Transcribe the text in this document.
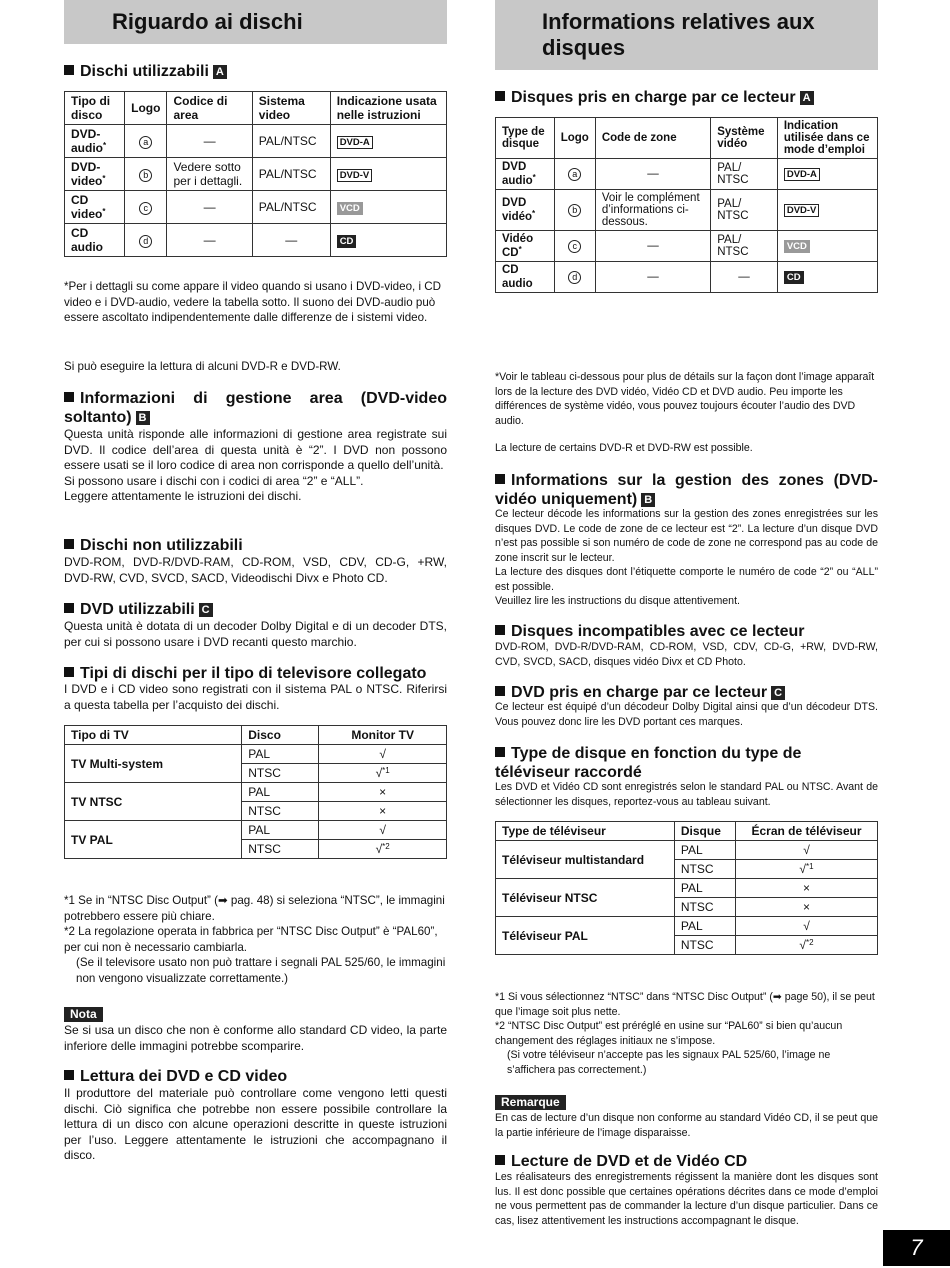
Riguardo ai dischi
Dischi utilizzabili A
Tipo di disco	Logo	Codice di area	Sistema video	Indicazione usata nelle istruzioni
DVD-audio*	a	—	PAL/NTSC	DVD-A
DVD-video*	b	Vedere sotto per i dettagli.	PAL/NTSC	DVD-V
CD video*	c	—	PAL/NTSC	VCD
CD audio	d	—	—	CD

*Per i dettagli su come appare il video quando si usano i DVD-video, i CD video e i DVD-audio, vedere la tabella sotto. Il suono dei DVD-audio può essere ascoltato indipendentemente dalle differenze de i sistemi video.

Si può eseguire la lettura di alcuni DVD-R e DVD-RW.

Informazioni di gestione area (DVD-video soltanto) B

Questa unità risponde alle informazioni di gestione area registrate sui DVD. Il codice dell’area di questa unità è “2”. I DVD non possono essere usati se il loro codice di area non corrisponde a quello dell’unità.

Si possono usare i dischi con i codici di area “2” e “ALL”.

Leggere attentamente le istruzioni dei dischi.

Dischi non utilizzabili

DVD-ROM, DVD-R/DVD-RAM, CD-ROM, VSD, CDV, CD-G, +RW, DVD-RW, CVD, SVCD, SACD, Videodischi Divx e Photo CD.

DVD utilizzabili C

Questa unità è dotata di un decoder Dolby Digital e di un decoder DTS, per cui si possono usare i DVD recanti questo marchio.

Tipi di dischi per il tipo di televisore collegato

I DVD e i CD video sono registrati con il sistema PAL o NTSC. Riferirsi a questa tabella per l’acquisto dei dischi.

Tipo di TV	Disco	Monitor TV
TV Multi-system	PAL	√
	NTSC	√$^{*1}$
TV NTSC	PAL	×
	NTSC	×
TV PAL	PAL	√
	NTSC	√$^{*2}$

*1 Se in “NTSC Disc Output” (➡ pag. 48) si seleziona “NTSC”, le immagini potrebbero essere più chiare.

*2 La regolazione operata in fabbrica per “NTSC Disc Output” è “PAL60”, per cui non è necessario cambiarla.

(Se il televisore usato non può trattare i segnali PAL 525/60, le immagini non vengono visualizzate correttamente.)

Nota

Se si usa un disco che non è conforme allo standard CD video, la parte inferiore delle immagini potrebbe scomparire.

Lettura dei DVD e CD video

Il produttore del materiale può controllare come vengono letti questi dischi. Ciò significa che potrebbe non essere possibile controllare la lettura di un disco con alcune operazioni descritte in queste istruzioni per l’uso. Leggere attentamente le istruzioni che accompagnano il disco.

Informations relatives aux disques
Disques pris en charge par ce lecteur A
Type de disque	Logo	Code de zone	Système vidéo	Indication utilisée dans ce mode d’emploi
DVD audio*	a	—	PAL/ NTSC	DVD-A
DVD vidéo*	b	Voir le complément d’informations ci-dessous.	PAL/ NTSC	DVD-V
Vidéo CD*	c	—	PAL/ NTSC	VCD
CD audio	d	—	—	CD

*Voir le tableau ci-dessous pour plus de détails sur la façon dont l’image apparaît lors de la lecture des DVD vidéo, Vidéo CD et DVD audio. Peu importe les différences de système vidéo, vous pouvez toujours écouter l’audio des DVD audio.

La lecture de certains DVD-R et DVD-RW est possible.

Informations sur la gestion des zones (DVD-vidéo uniquement) B

Ce lecteur décode les informations sur la gestion des zones enregistrées sur les disques DVD. Le code de zone de ce lecteur est “2”. La lecture d’un disque DVD n’est pas possible si son numéro de code de zone ne correspond pas au code de zone inscrit sur le lecteur.

La lecture des disques dont l’étiquette comporte le numéro de code “2” ou “ALL” est possible.

Veuillez lire les instructions du disque attentivement.

Disques incompatibles avec ce lecteur

DVD-ROM, DVD-R/DVD-RAM, CD-ROM, VSD, CDV, CD-G, +RW, DVD-RW, CVD, SVCD, SACD, disques vidéo Divx et CD Photo.

DVD pris en charge par ce lecteur C

Ce lecteur est équipé d’un décodeur Dolby Digital ainsi que d’un décodeur DTS. Vous pouvez donc lire les DVD portant ces marques.

Type de disque en fonction du type de téléviseur raccordé

Les DVD et Vidéo CD sont enregistrés selon le standard PAL ou NTSC. Avant de sélectionner les disques, reportez-vous au tableau suivant.

Type de téléviseur	Disque	Écran de téléviseur
Téléviseur multistandard	PAL	√
	NTSC	√$^{*1}$
Téléviseur NTSC	PAL	×
	NTSC	×
Téléviseur PAL	PAL	√
	NTSC	√$^{*2}$

*1 Si vous sélectionnez “NTSC” dans “NTSC Disc Output” (➡ page 50), il se peut que l’image soit plus nette.

*2 “NTSC Disc Output” est préréglé en usine sur “PAL60” si bien qu’aucun changement des réglages initiaux ne s’impose.

(Si votre téléviseur n’accepte pas les signaux PAL 525/60, l’image ne s’affichera pas correctement.)

Remarque

En cas de lecture d’un disque non conforme au standard Vidéo CD, il se peut que la partie inférieure de l’image disparaisse.

Lecture de DVD et de Vidéo CD

Les réalisateurs des enregistrements régissent la manière dont les disques sont lus. Il est donc possible que certaines opérations décrites dans ce mode d’emploi ne vous permettent pas de commander la lecture d’un disque particulier. Dans ce cas, lisez attentivement les instructions accompagnant le disque.

7
